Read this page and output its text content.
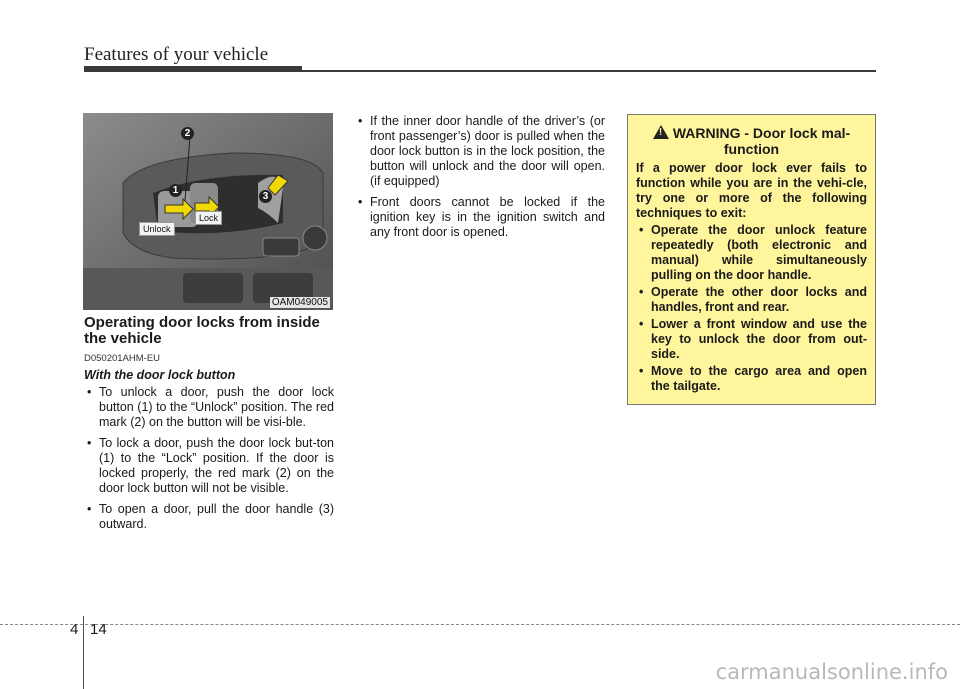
Features of your vehicle
2
1
3
Unlock
Lock
OAM049005
Operating door locks from inside the vehicle
D050201AHM-EU
With the door lock button
• To unlock a door, push the door lock button (1) to the “Unlock” position. The red mark (2) on the button will be visi-ble.
• To lock a door, push the door lock but-ton (1) to the “Lock” position. If the door is locked properly, the red mark (2) on the door lock button will not be visible.
• To open a door, pull the door handle (3) outward.
• If the inner door handle of the driver’s (or front passenger’s) door is pulled when the door lock button is in the lock position, the button will unlock and the door will open. (if equipped)
• Front doors cannot be locked if the ignition key is in the ignition switch and any front door is opened.
! WARNING - Door lock mal-function
If a power door lock ever fails to function while you are in the vehi-cle, try one or more of the following techniques to exit:
• Operate the door unlock feature repeatedly (both electronic and manual) while simultaneously pulling on the door handle.
• Operate the other door locks and handles, front and rear.
• Lower a front window and use the key to unlock the door from out-side.
• Move to the cargo area and open the tailgate.
4 14
carmanualsonline.info
